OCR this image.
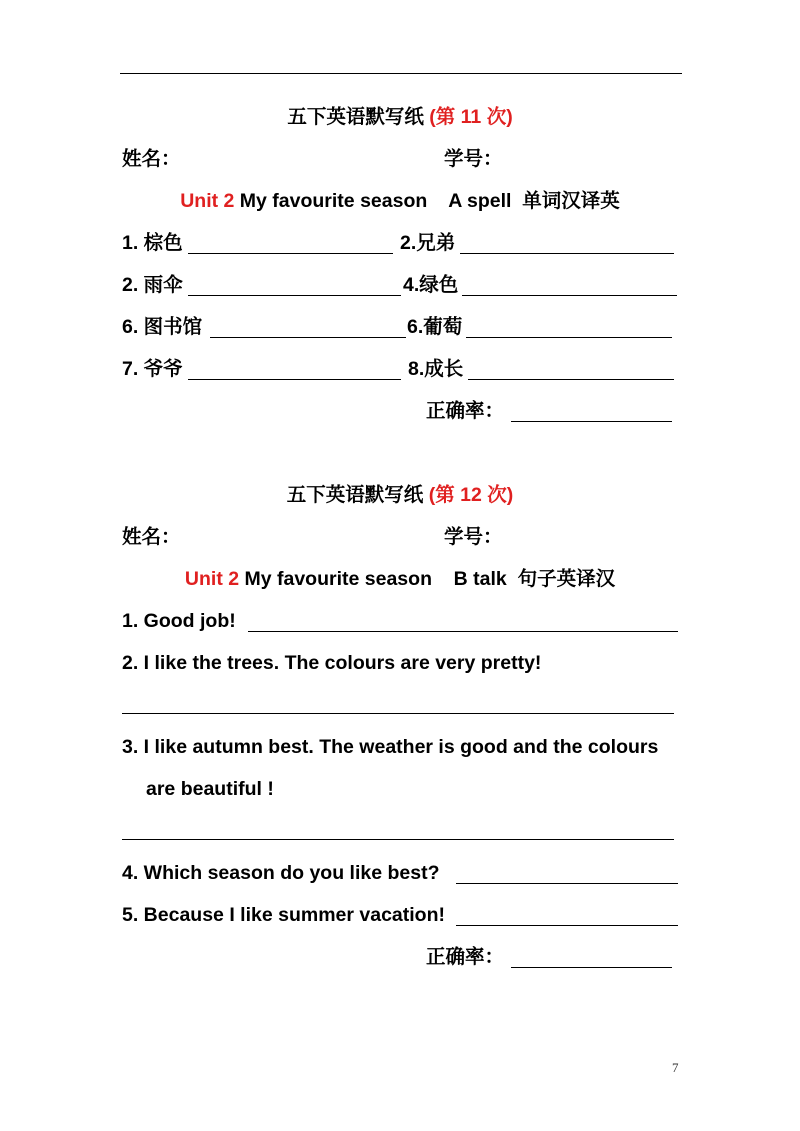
五下英语默写纸 (第 11 次)
姓名：	学号：
Unit 2 My favourite season    A spell  单词汉译英
1. 棕色	2.兄弟
2. 雨伞	4.绿色
6. 图书馆	6.葡萄
7. 爷爷	8.成长
正确率：
五下英语默写纸 (第 12 次)
姓名：	学号：
Unit 2 My favourite season    B talk  句子英译汉
1. Good job!
2. I like the trees. The colours are very pretty!
3. I like autumn best. The weather is good and the colours
are beautiful !
4. Which season do you like best?
5. Because I like summer vacation!
正确率：
7
